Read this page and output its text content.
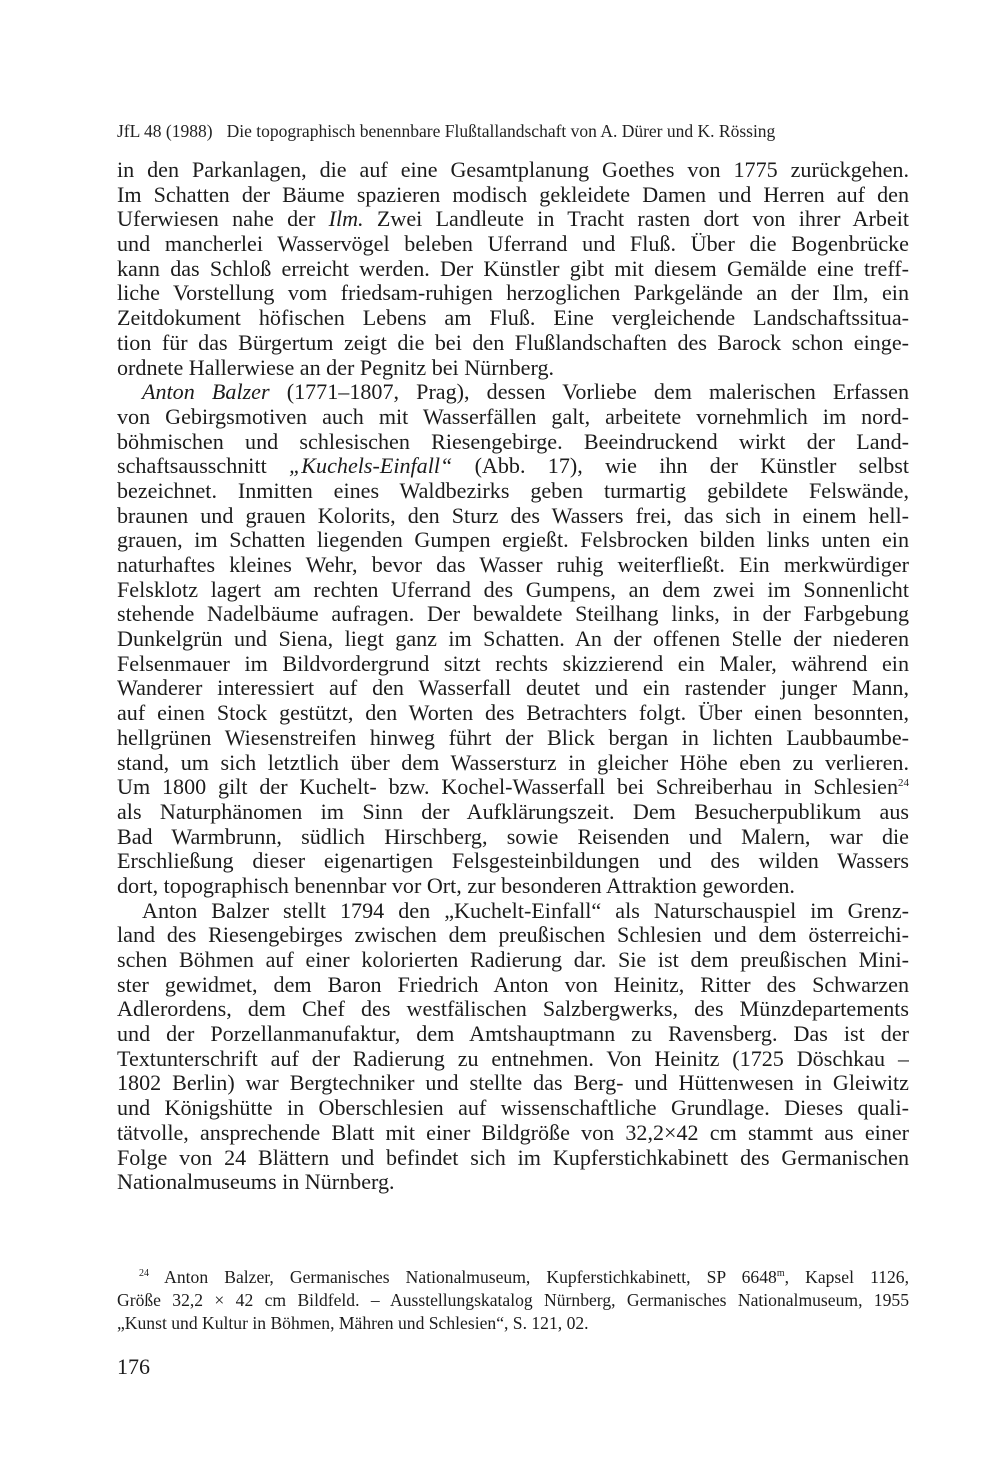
JfL 48 (1988) Die topographisch benennbare Flußtallandschaft von A. Dürer und K. Rössing
in den Parkanlagen, die auf eine Gesamtplanung Goethes von 1775 zurückgehen.
Im Schatten der Bäume spazieren modisch gekleidete Damen und Herren auf den
Uferwiesen nahe der Ilm. Zwei Landleute in Tracht rasten dort von ihrer Arbeit
und mancherlei Wasservögel beleben Uferrand und Fluß. Über die Bogenbrücke
kann das Schloß erreicht werden. Der Künstler gibt mit diesem Gemälde eine treff-
liche Vorstellung vom friedsam-ruhigen herzoglichen Parkgelände an der Ilm, ein
Zeitdokument höfischen Lebens am Fluß. Eine vergleichende Landschaftssitua-
tion für das Bürgertum zeigt die bei den Flußlandschaften des Barock schon einge-
ordnete Hallerwiese an der Pegnitz bei Nürnberg.
Anton Balzer (1771–1807, Prag), dessen Vorliebe dem malerischen Erfassen
von Gebirgsmotiven auch mit Wasserfällen galt, arbeitete vornehmlich im nord-
böhmischen und schlesischen Riesengebirge. Beeindruckend wirkt der Land-
schaftsausschnitt „Kuchels-Einfall“ (Abb. 17), wie ihn der Künstler selbst
bezeichnet. Inmitten eines Waldbezirks geben turmartig gebildete Felswände,
braunen und grauen Kolorits, den Sturz des Wassers frei, das sich in einem hell-
grauen, im Schatten liegenden Gumpen ergießt. Felsbrocken bilden links unten ein
naturhaftes kleines Wehr, bevor das Wasser ruhig weiterfließt. Ein merkwürdiger
Felsklotz lagert am rechten Uferrand des Gumpens, an dem zwei im Sonnenlicht
stehende Nadelbäume aufragen. Der bewaldete Steilhang links, in der Farbgebung
Dunkelgrün und Siena, liegt ganz im Schatten. An der offenen Stelle der niederen
Felsenmauer im Bildvordergrund sitzt rechts skizzierend ein Maler, während ein
Wanderer interessiert auf den Wasserfall deutet und ein rastender junger Mann,
auf einen Stock gestützt, den Worten des Betrachters folgt. Über einen besonnten,
hellgrünen Wiesenstreifen hinweg führt der Blick bergan in lichten Laubbaumbe-
stand, um sich letztlich über dem Wassersturz in gleicher Höhe eben zu verlieren.
Um 1800 gilt der Kuchelt- bzw. Kochel-Wasserfall bei Schreiberhau in Schlesien$^{24}$
als Naturphänomen im Sinn der Aufklärungszeit. Dem Besucherpublikum aus
Bad Warmbrunn, südlich Hirschberg, sowie Reisenden und Malern, war die
Erschließung dieser eigenartigen Felsgesteinbildungen und des wilden Wassers
dort, topographisch benennbar vor Ort, zur besonderen Attraktion geworden.
Anton Balzer stellt 1794 den „Kuchelt-Einfall“ als Naturschauspiel im Grenz-
land des Riesengebirges zwischen dem preußischen Schlesien und dem österreichi-
schen Böhmen auf einer kolorierten Radierung dar. Sie ist dem preußischen Mini-
ster gewidmet, dem Baron Friedrich Anton von Heinitz, Ritter des Schwarzen
Adlerordens, dem Chef des westfälischen Salzbergwerks, des Münzdepartements
und der Porzellanmanufaktur, dem Amtshauptmann zu Ravensberg. Das ist der
Textunterschrift auf der Radierung zu entnehmen. Von Heinitz (1725 Döschkau –
1802 Berlin) war Bergtechniker und stellte das Berg- und Hüttenwesen in Gleiwitz
und Königshütte in Oberschlesien auf wissenschaftliche Grundlage. Dieses quali-
tätvolle, ansprechende Blatt mit einer Bildgröße von 32,2×42 cm stammt aus einer
Folge von 24 Blättern und befindet sich im Kupferstichkabinett des Germanischen
Nationalmuseums in Nürnberg.
$^{24}$ Anton Balzer, Germanisches Nationalmuseum, Kupferstichkabinett, SP 6648$^m$, Kapsel 1126,
Größe 32,2 × 42 cm Bildfeld. – Ausstellungskatalog Nürnberg, Germanisches Nationalmuseum, 1955
„Kunst und Kultur in Böhmen, Mähren und Schlesien“, S. 121, 02.
176
